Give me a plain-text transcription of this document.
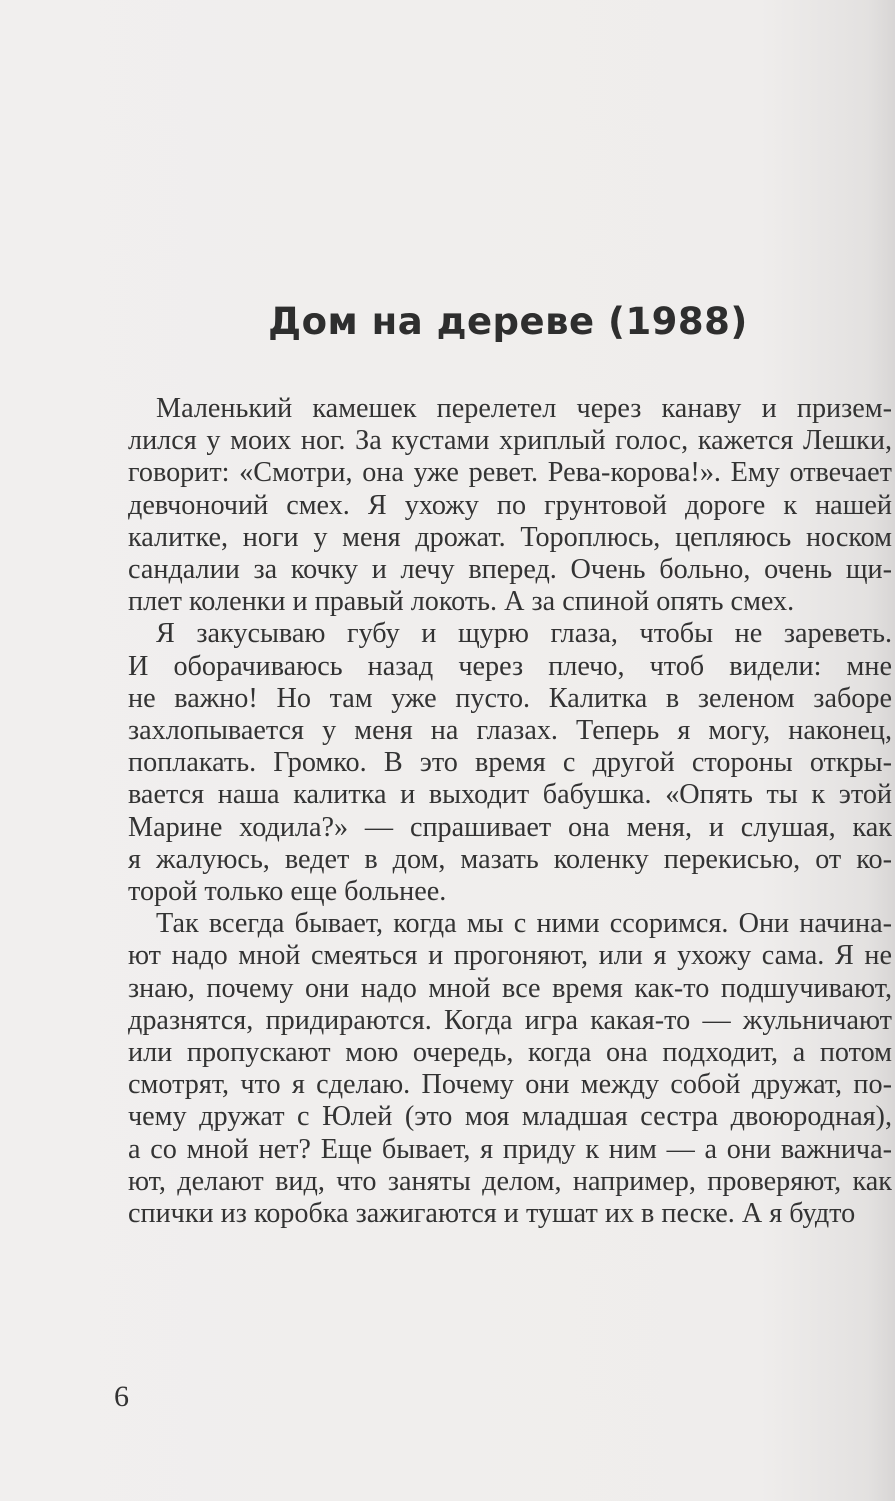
Дом на дереве (1988)
Маленький камешек перелетел через канаву и призем-
лился у моих ног. За кустами хриплый голос, кажется Лешки,
говорит: «Смотри, она уже ревет. Рева-корова!». Ему отвечает
девчоночий смех. Я ухожу по грунтовой дороге к нашей
калитке, ноги у меня дрожат. Тороплюсь, цепляюсь носком
сандалии за кочку и лечу вперед. Очень больно, очень щи-
плет коленки и правый локоть. А за спиной опять смех.
Я закусываю губу и щурю глаза, чтобы не зареветь.
И оборачиваюсь назад через плечо, чтоб видели: мне
не важно! Но там уже пусто. Калитка в зеленом заборе
захлопывается у меня на глазах. Теперь я могу, наконец,
поплакать. Громко. В это время с другой стороны откры-
вается наша калитка и выходит бабушка. «Опять ты к этой
Марине ходила?» — спрашивает она меня, и слушая, как
я жалуюсь, ведет в дом, мазать коленку перекисью, от ко-
торой только еще больнее.
Так всегда бывает, когда мы с ними ссоримся. Они начина-
ют надо мной смеяться и прогоняют, или я ухожу сама. Я не
знаю, почему они надо мной все время как-то подшучивают,
дразнятся, придираются. Когда игра какая-то — жульничают
или пропускают мою очередь, когда она подходит, а потом
смотрят, что я сделаю. Почему они между собой дружат, по-
чему дружат с Юлей (это моя младшая сестра двоюродная),
а со мной нет? Еще бывает, я приду к ним — а они важнича-
ют, делают вид, что заняты делом, например, проверяют, как
спички из коробка зажигаются и тушат их в песке. А я будто
6
